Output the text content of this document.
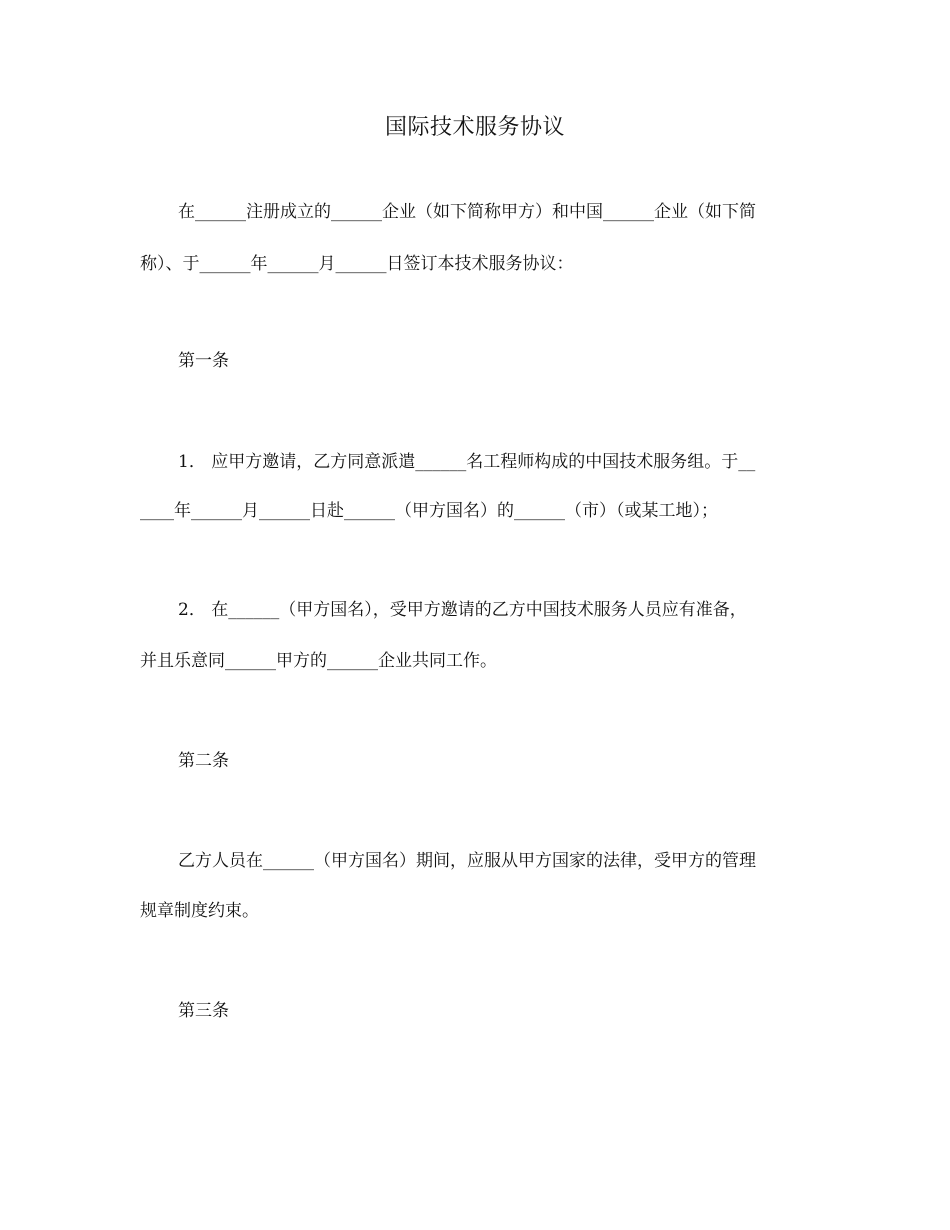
国际技术服务协议
在______注册成立的______企业（如下简称甲方）和中国______企业（如下简
称）、于______年______月______日签订本技术服务协议：
第一条
1． 应甲方邀请，乙方同意派遣______名工程师构成的中国技术服务组。于__
____年______月______日赴______（甲方国名）的______（市）（或某工地）；
2． 在______（甲方国名），受甲方邀请的乙方中国技术服务人员应有准备，
并且乐意同______甲方的______企业共同工作。
第二条
乙方人员在______（甲方国名）期间，应服从甲方国家的法律，受甲方的管理
规章制度约束。
第三条
